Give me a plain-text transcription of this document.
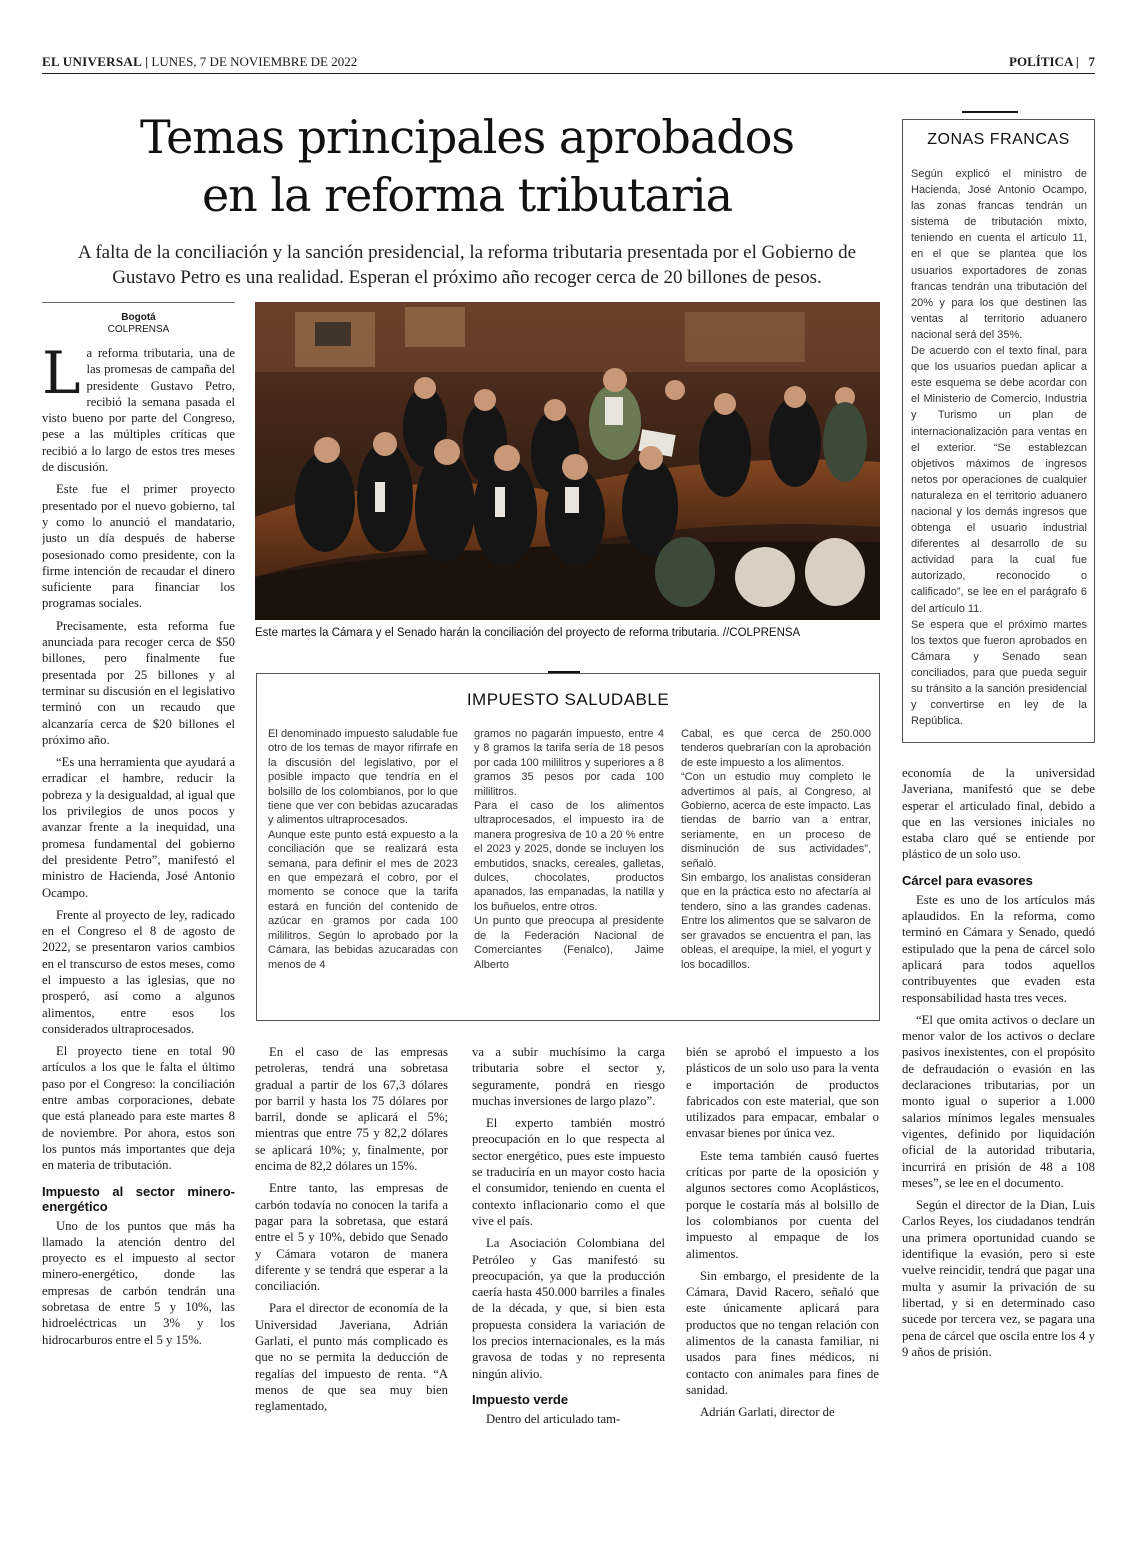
EL UNIVERSAL | LUNES, 7 DE NOVIEMBRE DE 2022	POLÍTICA |   7
Temas principales aprobados
en la reforma tributaria
A falta de la conciliación y la sanción presidencial, la reforma tributaria presentada por el Gobierno de
Gustavo Petro es una realidad. Esperan el próximo año recoger cerca de 20 billones de pesos.
Bogotá
COLPRENSA

La reforma tributaria, una de las promesas de campaña del presidente Gustavo Petro, recibió la semana pasada el visto bueno por parte del Congreso, pese a las múltiples críticas que recibió a lo largo de estos tres meses de discusión.

Este fue el primer proyecto presentado por el nuevo gobierno, tal y como lo anunció el mandatario, justo un día después de haberse posesionado como presidente, con la firme intención de recaudar el dinero suficiente para financiar los programas sociales.

Precisamente, esta reforma fue anunciada para recoger cerca de $50 billones, pero finalmente fue presentada por 25 billones y al terminar su discusión en el legislativo terminó con un recaudo que alcanzaría cerca de $20 billones el próximo año.

“Es una herramienta que ayudará a erradicar el hambre, reducir la pobreza y la desigualdad, al igual que los privilegios de unos pocos y avanzar frente a la inequidad, una promesa fundamental del gobierno del presidente Petro”, manifestó el ministro de Hacienda, José Antonio Ocampo.

Frente al proyecto de ley, radicado en el Congreso el 8 de agosto de 2022, se presentaron varios cambios en el transcurso de estos meses, como el impuesto a las iglesias, que no prosperó, así como a algunos alimentos, entre esos los considerados ultraprocesados.

El proyecto tiene en total 90 artículos a los que le falta el último paso por el Congreso: la conciliación entre ambas corporaciones, debate que está planeado para este martes 8 de noviembre. Por ahora, estos son los puntos más importantes que deja en materia de tributación.

Impuesto al sector minero-energético

Uno de los puntos que más ha llamado la atención dentro del proyecto es el impuesto al sector minero-energético, donde las empresas de carbón tendrán una sobretasa de entre 5 y 10%, las hidroeléctricas un 3% y los hidrocarburos entre el 5 y 15%.

Este martes la Cámara y el Senado harán la conciliación del proyecto de reforma tributaria. //COLPRENSA
IMPUESTO SALUDABLE

El denominado impuesto saludable fue otro de los temas de mayor rifirrafe en la discusión del legislativo, por el posible impacto que tendría en el bolsillo de los colombianos, por lo que tiene que ver con bebidas azucaradas y alimentos ultraprocesados.

Aunque este punto está expuesto a la conciliación que se realizará esta semana, para definir el mes de 2023 en que empezará el cobro, por el momento se conoce que la tarifa estará en función del contenido de azúcar en gramos por cada 100 mililitros. Según lo aprobado por la Cámara, las bebidas azucaradas con menos de 4

gramos no pagarán impuesto, entre 4 y 8 gramos la tarifa sería de 18 pesos por cada 100 mililitros y superiores a 8 gramos 35 pesos por cada 100 mililitros.

Para el caso de los alimentos ultraprocesados, el impuesto ira de manera progresiva de 10 a 20 % entre el 2023 y 2025, donde se incluyen los embutidos, snacks, cereales, galletas, dulces, chocolates, productos apanados, las empanadas, la natilla y los buñuelos, entre otros.

Un punto que preocupa al presidente de la Federación Nacional de Comerciantes (Fenalco), Jaime Alberto

Cabal, es que cerca de 250.000 tenderos quebrarían con la aprobación de este impuesto a los alimentos.

“Con un estudio muy completo le advertimos al país, al Congreso, al Gobierno, acerca de este impacto. Las tiendas de barrio van a entrar, seriamente, en un proceso de disminución de sus actividades”, señaló.

Sin embargo, los analistas consideran que en la práctica esto no afectaría al tendero, sino a las grandes cadenas. Entre los alimentos que se salvaron de ser gravados se encuentra el pan, las obleas, el arequipe, la miel, el yogurt y los bocadillos.

En el caso de las empresas petroleras, tendrá una sobretasa gradual a partir de los 67,3 dólares por barril y hasta los 75 dólares por barril, donde se aplicará el 5%; mientras que entre 75 y 82,2 dólares se aplicará 10%; y, finalmente, por encima de 82,2 dólares un 15%.

Entre tanto, las empresas de carbón todavía no conocen la tarifa a pagar para la sobretasa, que estará entre el 5 y 10%, debido que Senado y Cámara votaron de manera diferente y se tendrá que esperar a la conciliación.

Para el director de economía de la Universidad Javeriana, Adrián Garlati, el punto más complicado es que no se permita la deducción de regalías del impuesto de renta. “A menos de que sea muy bien reglamentado,

va a subir muchísimo la carga tributaria sobre el sector y, seguramente, pondrá en riesgo muchas inversiones de largo plazo”.

El experto también mostró preocupación en lo que respecta al sector energético, pues este impuesto se traduciría en un mayor costo hacia el consumidor, teniendo en cuenta el contexto inflacionario como el que vive el país.

La Asociación Colombiana del Petróleo y Gas manifestó su preocupación, ya que la producción caería hasta 450.000 barriles a finales de la década, y que, si bien esta propuesta considera la variación de los precios internacionales, es la más gravosa de todas y no representa ningún alivio.

Impuesto verde

Dentro del articulado tam-

bién se aprobó el impuesto a los plásticos de un solo uso para la venta e importación de productos fabricados con este material, que son utilizados para empacar, embalar o envasar bienes por única vez.

Este tema también causó fuertes críticas por parte de la oposición y algunos sectores como Acoplásticos, porque le costaría más al bolsillo de los colombianos por cuenta del impuesto al empaque de los alimentos.

Sin embargo, el presidente de la Cámara, David Racero, señaló que este únicamente aplicará para productos que no tengan relación con alimentos de la canasta familiar, ni usados para fines médicos, ni contacto con animales para fines de sanidad.

Adrián Garlati, director de

ZONAS FRANCAS

Según explicó el ministro de Hacienda, José Antonio Ocampo, las zonas francas tendrán un sistema de tributación mixto, teniendo en cuenta el artículo 11, en el que se plantea que los usuarios exportadores de zonas francas tendrán una tributación del 20% y para los que destinen las ventas al territorio aduanero nacional será del 35%.

De acuerdo con el texto final, para que los usuarios puedan aplicar a este esquema se debe acordar con el Ministerio de Comercio, Industria y Turismo un plan de internacionalización para ventas en el exterior. “Se establezcan objetivos máximos de ingresos netos por operaciones de cualquier naturaleza en el territorio aduanero nacional y los demás ingresos que obtenga el usuario industrial diferentes al desarrollo de su actividad para la cual fue autorizado, reconocido o calificado”, se lee en el parágrafo 6 del artículo 11.

Se espera que el próximo martes los textos que fueron aprobados en Cámara y Senado sean conciliados, para que pueda seguir su tránsito a la sanción presidencial y convertirse en ley de la República.

economía de la universidad Javeriana, manifestó que se debe esperar el articulado final, debido a que en las versiones iniciales no estaba claro qué se entiende por plástico de un solo uso.

Cárcel para evasores

Este es uno de los artículos más aplaudidos. En la reforma, como terminó en Cámara y Senado, quedó estipulado que la pena de cárcel solo aplicará para todos aquellos contribuyentes que evaden esta responsabilidad hasta tres veces.

“El que omita activos o declare un menor valor de los activos o declare pasivos inexistentes, con el propósito de defraudación o evasión en las declaraciones tributarias, por un monto igual o superior a 1.000 salarios mínimos legales mensuales vigentes, definido por liquidación oficial de la autoridad tributaria, incurrirá en prisión de 48 a 108 meses”, se lee en el documento.

Según el director de la Dian, Luis Carlos Reyes, los ciudadanos tendrán una primera oportunidad cuando se identifique la evasión, pero si este vuelve reincidir, tendrá que pagar una multa y asumir la privación de su libertad, y si en determinado caso sucede por tercera vez, se pagara una pena de cárcel que oscila entre los 4 y 9 años de prisión.
